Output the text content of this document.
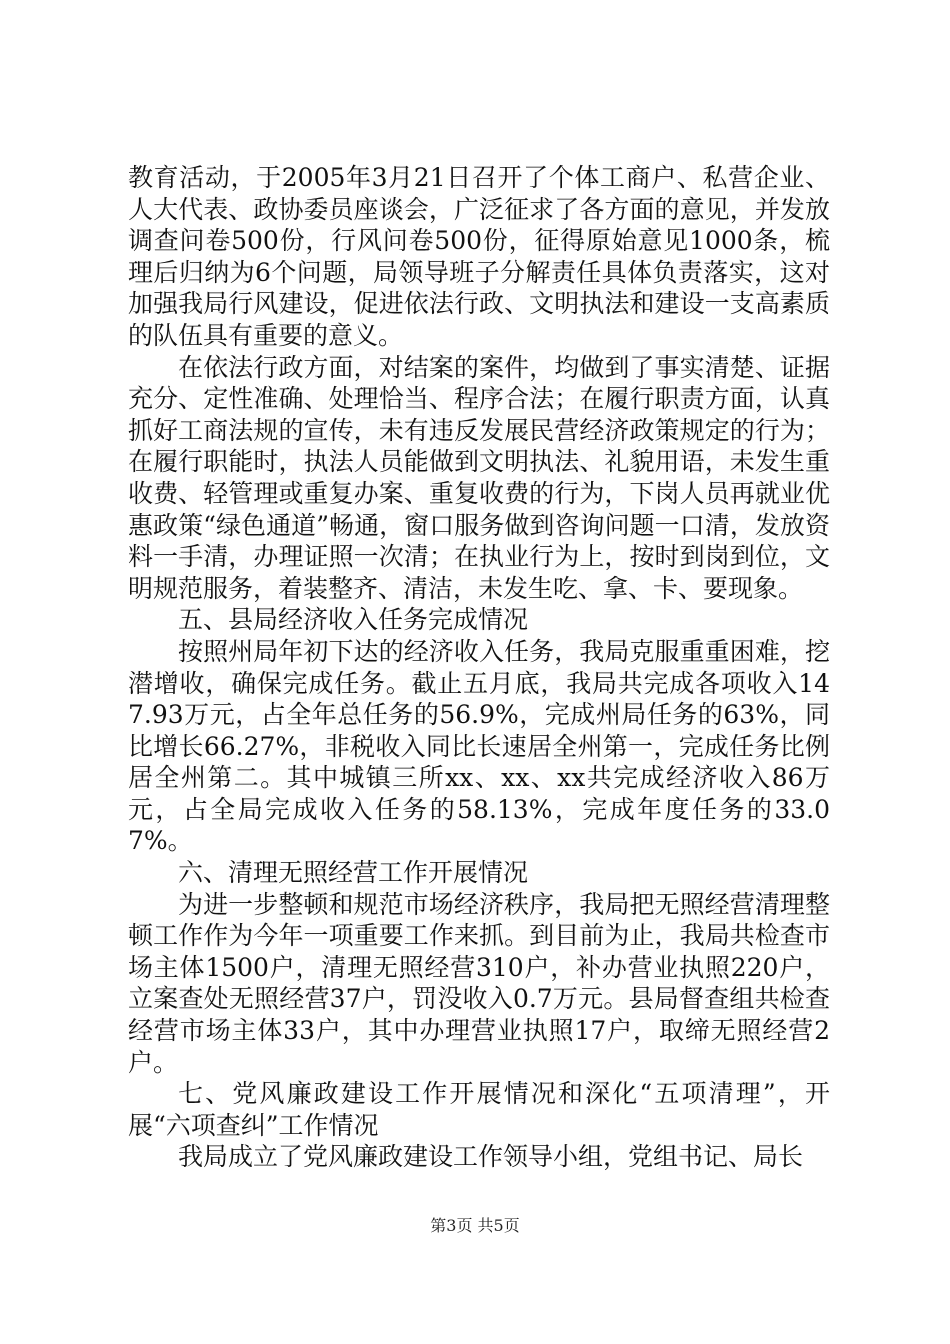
教育活动，于2005年3月21日召开了个体工商户、私营企业、人大代表、政协委员座谈会，广泛征求了各方面的意见，并发放调查问卷500份，行风问卷500份，征得原始意见1000条，梳理后归纳为6个问题，局领导班子分解责任具体负责落实，这对加强我局行风建设，促进依法行政、文明执法和建设一支高素质的队伍具有重要的意义。

在依法行政方面，对结案的案件，均做到了事实清楚、证据充分、定性准确、处理恰当、程序合法；在履行职责方面，认真抓好工商法规的宣传，未有违反发展民营经济政策规定的行为；在履行职能时，执法人员能做到文明执法、礼貌用语，未发生重收费、轻管理或重复办案、重复收费的行为，下岗人员再就业优惠政策“绿色通道”畅通，窗口服务做到咨询问题一口清，发放资料一手清，办理证照一次清；在执业行为上，按时到岗到位，文明规范服务，着装整齐、清洁，未发生吃、拿、卡、要现象。

五、县局经济收入任务完成情况

按照州局年初下达的经济收入任务，我局克服重重困难，挖潜增收，确保完成任务。截止五月底，我局共完成各项收入147.93万元，占全年总任务的56.9%，完成州局任务的63%，同比增长66.27%，非税收入同比长速居全州第一，完成任务比例居全州第二。其中城镇三所xx、xx、xx共完成经济收入86万元，占全局完成收入任务的58.13%，完成年度任务的33.07%。

六、清理无照经营工作开展情况

为进一步整顿和规范市场经济秩序，我局把无照经营清理整顿工作作为今年一项重要工作来抓。到目前为止，我局共检查市场主体1500户，清理无照经营310户，补办营业执照220户，立案查处无照经营37户，罚没收入0.7万元。县局督查组共检查经营市场主体33户，其中办理营业执照17户，取缔无照经营2户。

七、党风廉政建设工作开展情况和深化“五项清理”，开展“六项查纠”工作情况

我局成立了党风廉政建设工作领导小组，党组书记、局长

第3页 共5页
